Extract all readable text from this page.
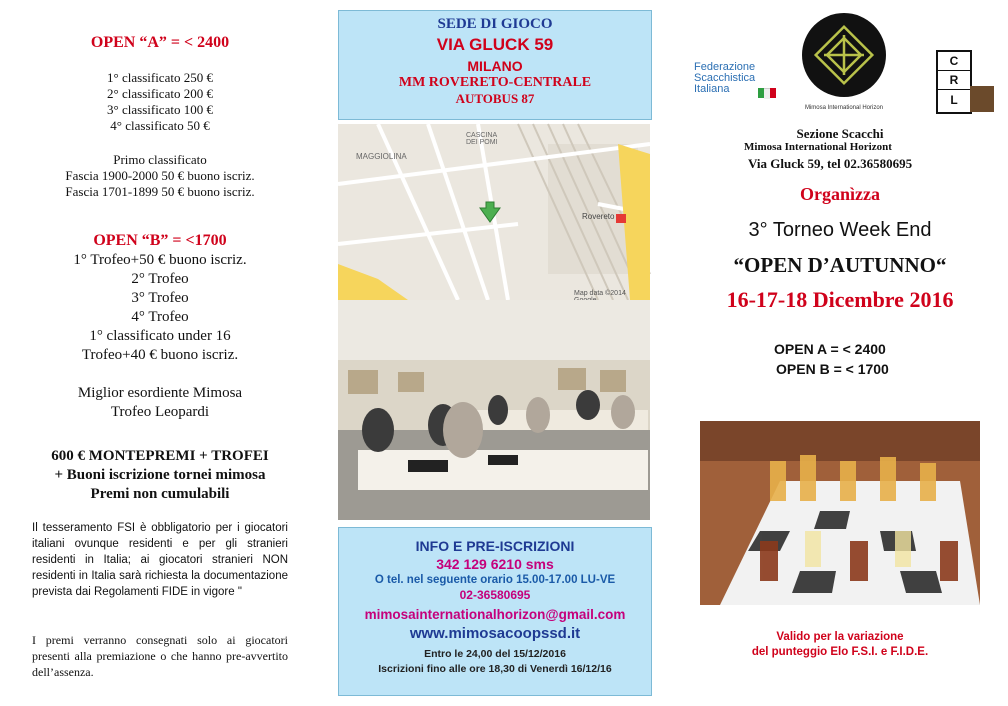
OPEN “A” = < 2400
1° classificato 250 €
2° classificato 200 €
3° classificato 100 €
4° classificato 50 €
Primo classificato
Fascia 1900-2000 50 € buono iscriz.
Fascia 1701-1899 50 € buono iscriz.
OPEN “B” = <1700
1° Trofeo+50 € buono iscriz.
2° Trofeo
3° Trofeo
4° Trofeo
1° classificato under 16
Trofeo+40 € buono iscriz.
Miglior esordiente Mimosa
Trofeo Leopardi
600 € MONTEPREMI + TROFEI
+ Buoni iscrizione tornei mimosa
Premi non cumulabili
Il tesseramento FSI è obbligatorio per i giocatori italiani ovunque residenti e per gli stranieri residenti in Italia; ai giocatori stranieri NON residenti in Italia sarà richiesta la documentazione prevista dai Regolamenti FIDE in vigore "
I premi verranno consegnati solo ai giocatori presenti alla premiazione o che hanno pre-avvertito dell’assenza.
SEDE DI GIOCO
VIA GLUCK 59
MILANO
MM ROVERETO-CENTRALE
AUTOBUS 87
MAGGIOLINA
CASCINA DEI POMI
Rovereto
Map data ©2014
INFO E PRE-ISCRIZIONI
342 129 6210 sms
O tel. nel seguente orario 15.00-17.00 LU-VE
02-36580695
mimosainternationalhorizon@gmail.com
www.mimosacoopssd.it
Entro le 24,00 del 15/12/2016
Iscrizioni fino alle ore 18,30 di Venerdì 16/12/16
Federazione
Scacchistica
Italiana
Mimosa International Horizon
C
R
L
Sezione Scacchi
Mimosa International Horizont
Via Gluck 59, tel 02.36580695
Organìzza
3° Torneo Week End
“OPEN D’AUTUNNO“
16-17-18 Dicembre 2016
OPEN A = < 2400
OPEN B = < 1700
Valido per la variazione
del punteggio Elo F.S.I. e F.I.D.E.
